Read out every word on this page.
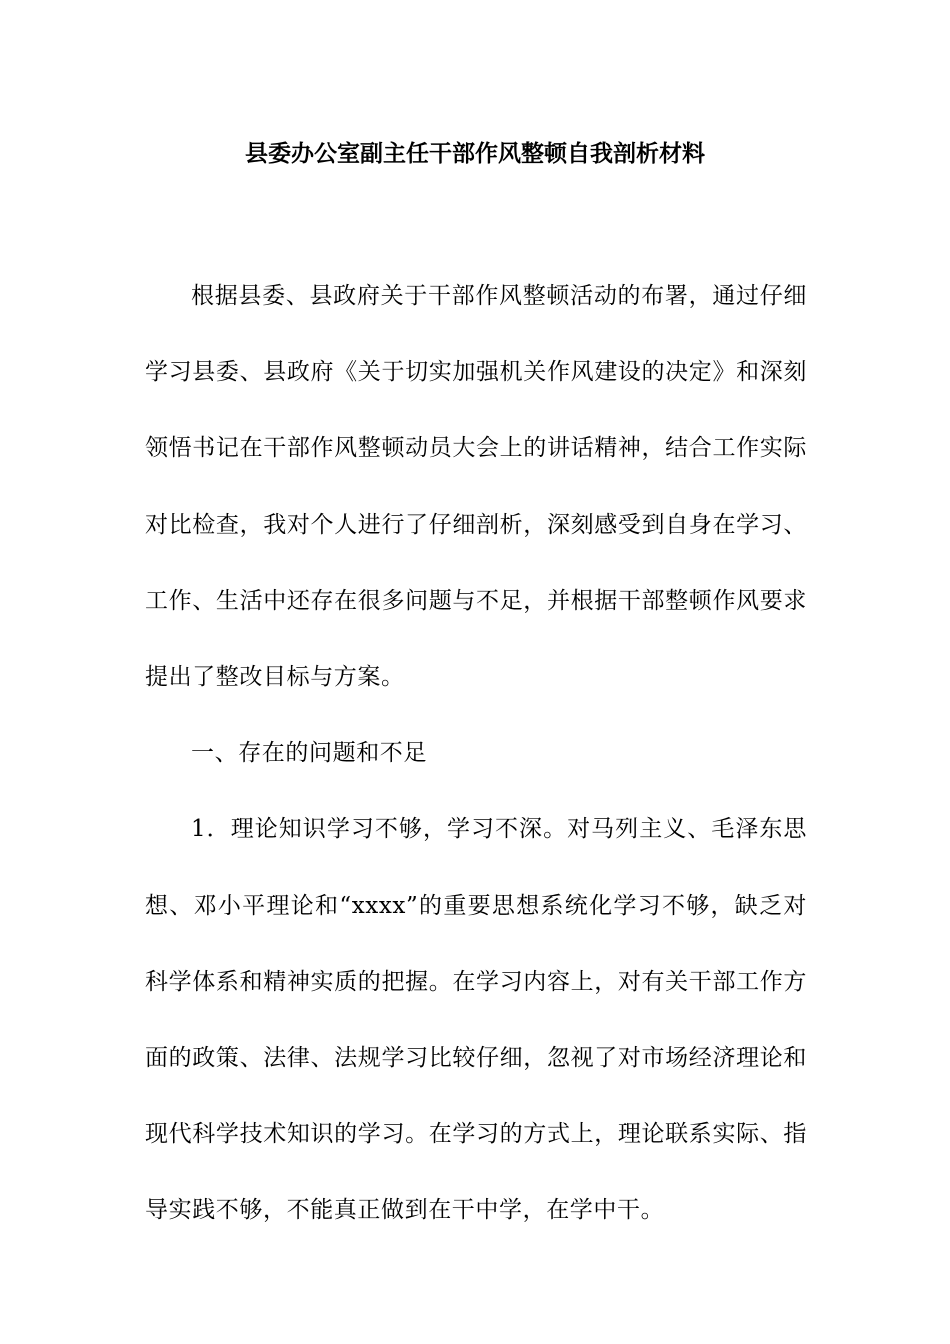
县委办公室副主任干部作风整顿自我剖析材料

根据县委、县政府关于干部作风整顿活动的布署，通过仔细学习县委、县政府《关于切实加强机关作风建设的决定》和深刻领悟书记在干部作风整顿动员大会上的讲话精神，结合工作实际对比检查，我对个人进行了仔细剖析，深刻感受到自身在学习、工作、生活中还存在很多问题与不足，并根据干部整顿作风要求提出了整改目标与方案。

一、存在的问题和不足

1．理论知识学习不够，学习不深。对马列主义、毛泽东思想、邓小平理论和“xxxx”的重要思想系统化学习不够，缺乏对科学体系和精神实质的把握。在学习内容上，对有关干部工作方面的政策、法律、法规学习比较仔细，忽视了对市场经济理论和现代科学技术知识的学习。在学习的方式上，理论联系实际、指导实践不够，不能真正做到在干中学，在学中干。
